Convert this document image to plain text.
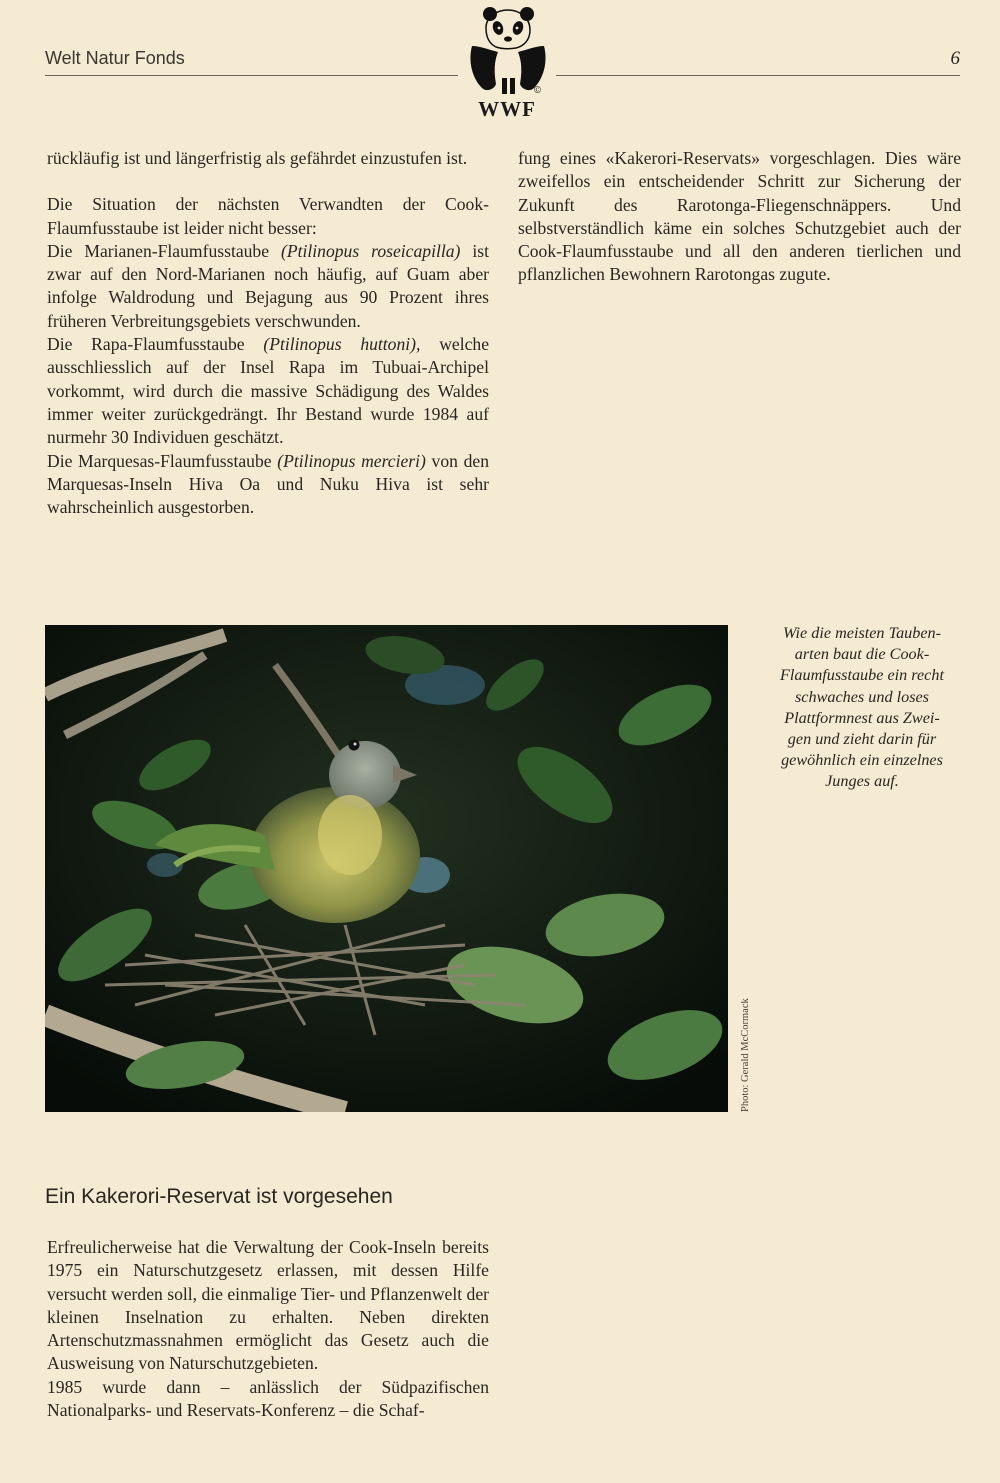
Welt Natur Fonds	6
©
WWF

rückläufig ist und längerfristig als gefährdet einzustufen ist.

Die Situation der nächsten Verwandten der Cook-Flaumfusstaube ist leider nicht besser:

Die Marianen-Flaumfusstaube (Ptilinopus roseicapilla) ist zwar auf den Nord-Marianen noch häufig, auf Guam aber infolge Waldrodung und Bejagung aus 90 Prozent ihres früheren Verbreitungsgebiets verschwunden.

Die Rapa-Flaumfusstaube (Ptilinopus huttoni), welche ausschliesslich auf der Insel Rapa im Tubuai-Archipel vorkommt, wird durch die massive Schädigung des Waldes immer weiter zurückgedrängt. Ihr Bestand wurde 1984 auf nurmehr 30 Individuen geschätzt.

Die Marquesas-Flaumfusstaube (Ptilinopus mercieri) von den Marquesas-Inseln Hiva Oa und Nuku Hiva ist sehr wahrscheinlich ausgestorben.

fung eines «Kakerori-Reservats» vorgeschlagen. Dies wäre zweifellos ein entscheidender Schritt zur Sicherung der Zukunft des Rarotonga-Fliegenschnäppers. Und selbstverständlich käme ein solches Schutzgebiet auch der Cook-Flaumfusstaube und all den anderen tierlichen und pflanzlichen Bewohnern Rarotongas zugute.

Photo: Gerald McCormack
Wie die meisten Tauben-
arten baut die Cook-
Flaumfusstaube ein recht
schwaches und loses
Plattformnest aus Zwei-
gen und zieht darin für
gewöhnlich ein einzelnes
Junges auf.
Ein Kakerori-Reservat ist vorgesehen

Erfreulicherweise hat die Verwaltung der Cook-Inseln bereits 1975 ein Naturschutzgesetz erlassen, mit dessen Hilfe versucht werden soll, die einmalige Tier- und Pflanzenwelt der kleinen Inselnation zu erhalten. Neben direkten Artenschutzmassnahmen ermöglicht das Gesetz auch die Ausweisung von Naturschutzgebieten.

1985 wurde dann – anlässlich der Südpazifischen Nationalparks- und Reservats-Konferenz – die Schaf-
